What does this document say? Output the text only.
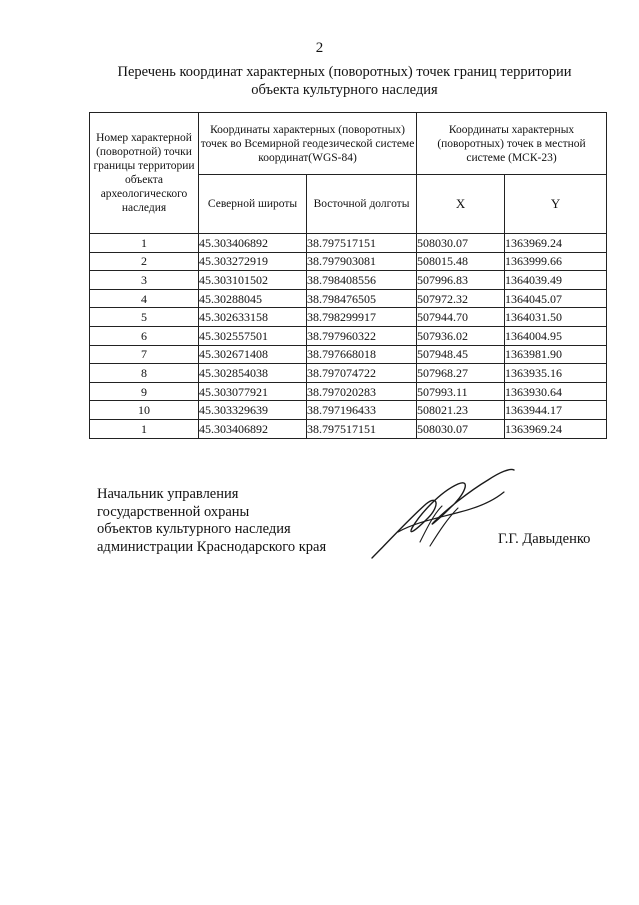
2
Перечень координат характерных (поворотных) точек границ территории
объекта культурного наследия
Номер характерной (поворотной) точки границы территории объекта археологического наследия	Координаты характерных (поворотных) точек во Всемирной геодезической системе координат(WGS-84)		Координаты характерных (поворотных) точек в местной системе (МСК-23)	
	Северной широты	Восточной долготы	X	Y
1	45.303406892	38.797517151	508030.07	1363969.24
2	45.303272919	38.797903081	508015.48	1363999.66
3	45.303101502	38.798408556	507996.83	1364039.49
4	45.30288045	38.798476505	507972.32	1364045.07
5	45.302633158	38.798299917	507944.70	1364031.50
6	45.302557501	38.797960322	507936.02	1364004.95
7	45.302671408	38.797668018	507948.45	1363981.90
8	45.302854038	38.797074722	507968.27	1363935.16
9	45.303077921	38.797020283	507993.11	1363930.64
10	45.303329639	38.797196433	508021.23	1363944.17
1	45.303406892	38.797517151	508030.07	1363969.24
Начальник управления
государственной охраны
объектов культурного наследия
администрации Краснодарского края	Г.Г. Давыденко
